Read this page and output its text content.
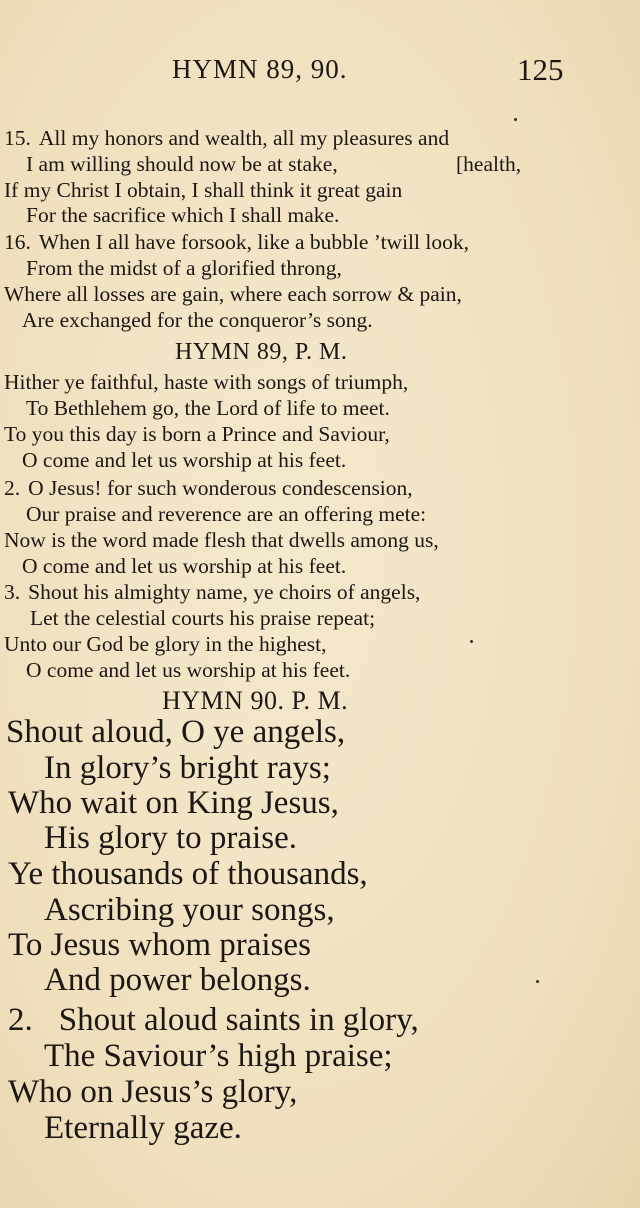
HYMN 89, 90.	125
15. All my honors and wealth, all my pleasures and
I am willing should now be at stake,	[health,
If my Christ I obtain, I shall think it great gain
For the sacrifice which I shall make.
16. When I all have forsook, like a bubble ’twill look,
From the midst of a glorified throng,
Where all losses are gain, where each sorrow & pain,
Are exchanged for the conqueror’s song.
HYMN 89, P. M.
Hither ye faithful, haste with songs of triumph,
To Bethlehem go, the Lord of life to meet.
To you this day is born a Prince and Saviour,
O come and let us worship at his feet.
2. O Jesus! for such wonderous condescension,
Our praise and reverence are an offering mete:
Now is the word made flesh that dwells among us,
O come and let us worship at his feet.
3. Shout his almighty name, ye choirs of angels,
Let the celestial courts his praise repeat;
Unto our God be glory in the highest,
O come and let us worship at his feet.
HYMN 90. P. M.
Shout aloud, O ye angels,
In glory’s bright rays;
Who wait on King Jesus,
His glory to praise.
Ye thousands of thousands,
Ascribing your songs,
To Jesus whom praises
And power belongs.
2. Shout aloud saints in glory,
The Saviour’s high praise;
Who on Jesus’s glory,
Eternally gaze.
